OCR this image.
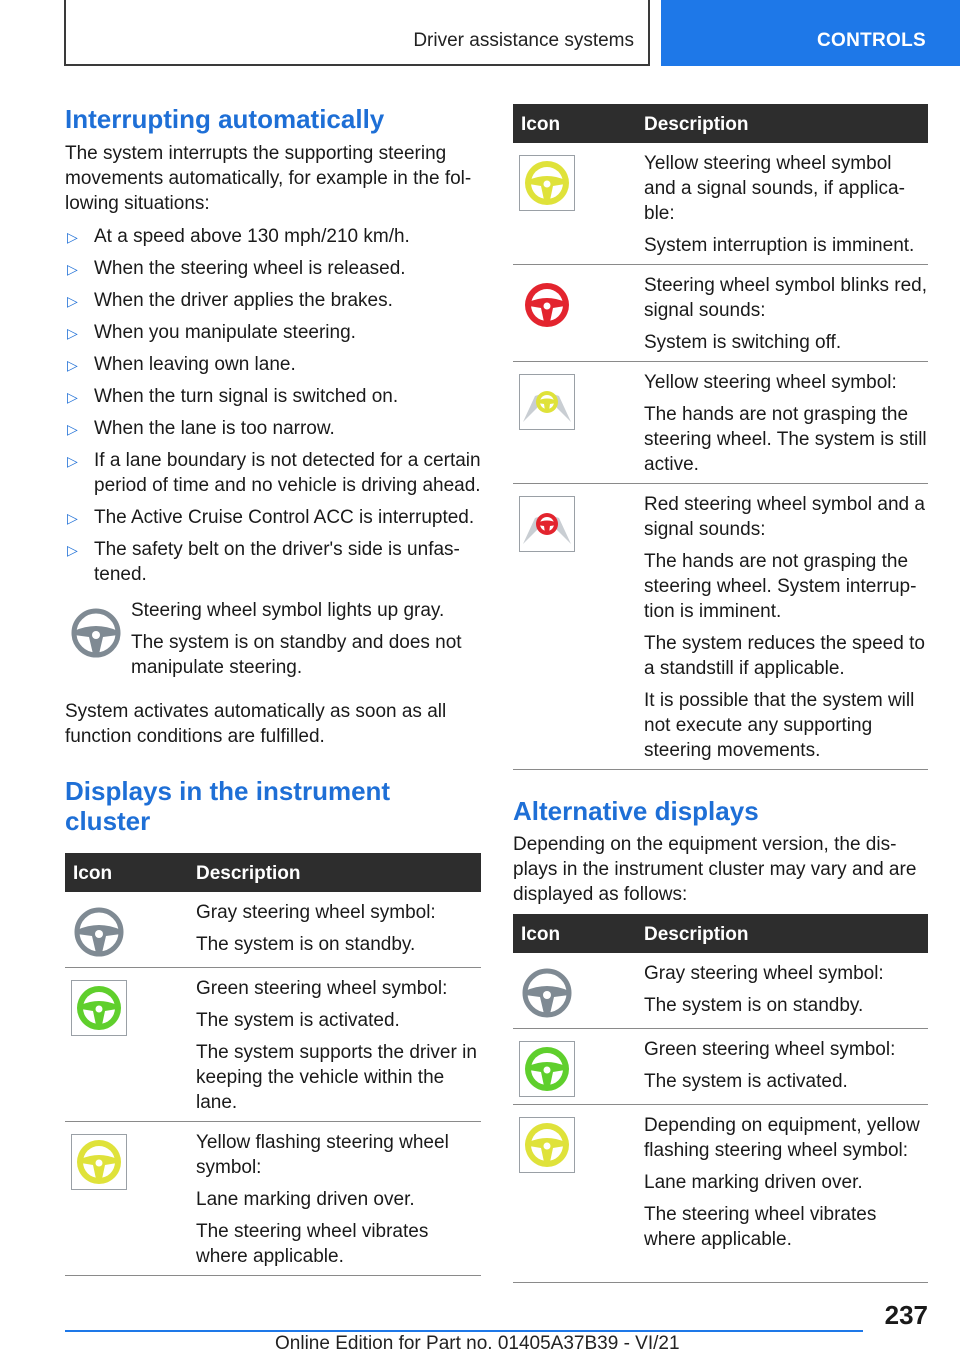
Driver assistance systems	CONTROLS
Interrupting automatically
The system interrupts the supporting steering movements automatically, for example in the following situations:
▷ At a speed above 130 mph/210 km/h.
▷ When the steering wheel is released.
▷ When the driver applies the brakes.
▷ When you manipulate steering.
▷ When leaving own lane.
▷ When the turn signal is switched on.
▷ When the lane is too narrow.
▷ If a lane boundary is not detected for a certain period of time and no vehicle is driving ahead.
▷ The Active Cruise Control ACC is interrupted.
▷ The safety belt on the driver's side is unfastened.
Steering wheel symbol lights up gray.
The system is on standby and does not manipulate steering.
System activates automatically as soon as all function conditions are fulfilled.
Displays in the instrument cluster
Icon	Description
Gray steering wheel symbol:
The system is on standby.
Green steering wheel symbol:
The system is activated.
The system supports the driver in keeping the vehicle within the lane.
Yellow flashing steering wheel symbol:
Lane marking driven over.
The steering wheel vibrates where applicable.
Icon	Description
Yellow steering wheel symbol and a signal sounds, if applicable:
System interruption is imminent.
Steering wheel symbol blinks red, signal sounds:
System is switching off.
Yellow steering wheel symbol:
The hands are not grasping the steering wheel. The system is still active.
Red steering wheel symbol and a signal sounds:
The hands are not grasping the steering wheel. System interruption is imminent.
The system reduces the speed to a standstill if applicable.
It is possible that the system will not execute any supporting steering movements.
Alternative displays
Depending on the equipment version, the displays in the instrument cluster may vary and are displayed as follows:
Icon	Description
Gray steering wheel symbol:
The system is on standby.
Green steering wheel symbol:
The system is activated.
Depending on equipment, yellow flashing steering wheel symbol:
Lane marking driven over.
The steering wheel vibrates where applicable.
237
Online Edition for Part no. 01405A37B39 - VI/21
